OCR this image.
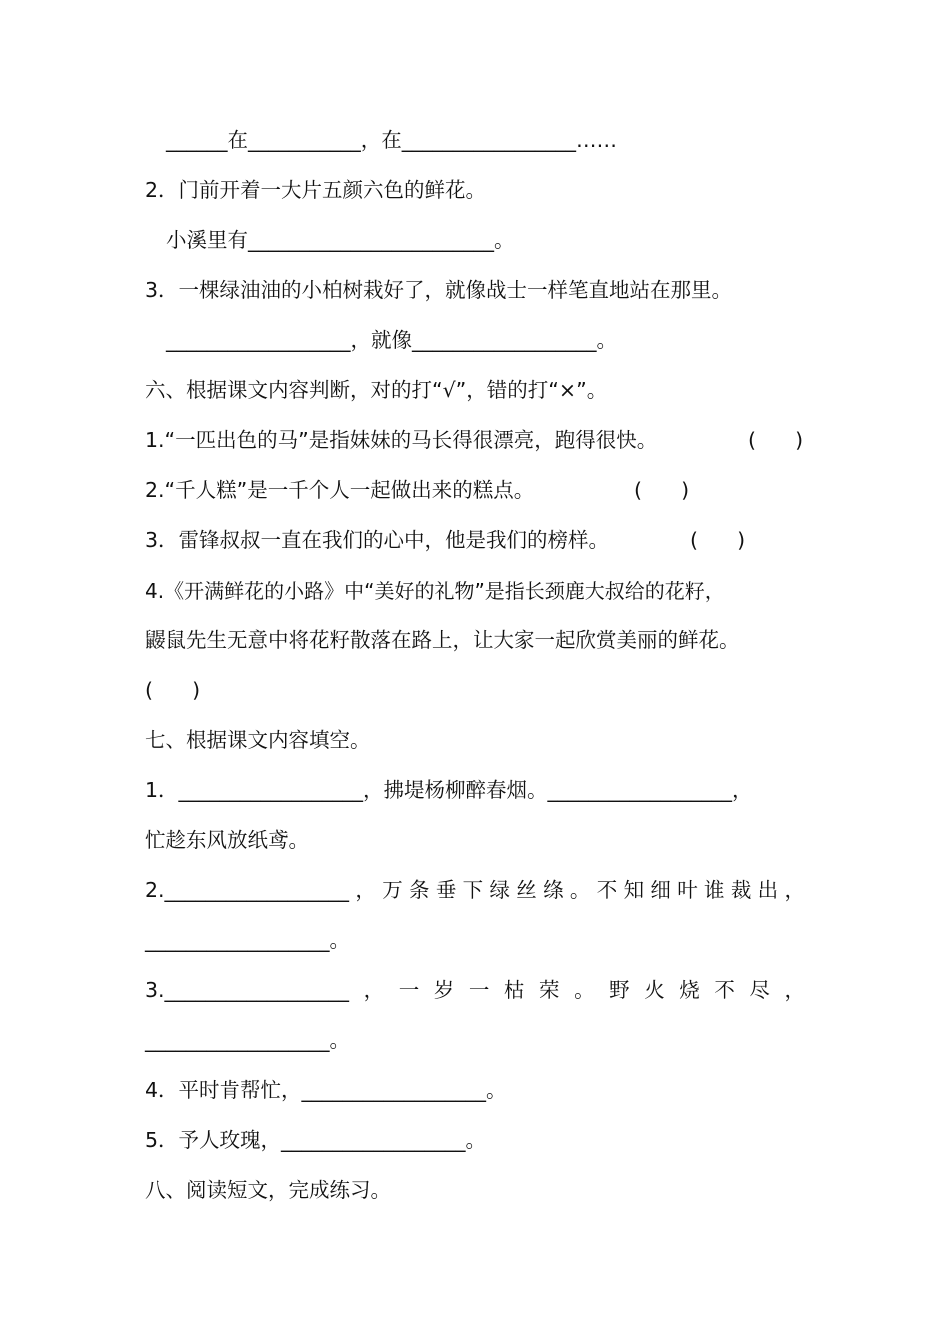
______在___________，在_________________……
2．门前开着一大片五颜六色的鲜花。
小溪里有________________________。
3．一棵绿油油的小柏树栽好了，就像战士一样笔直地站在那里。
__________________，就像__________________。
六、根据课文内容判断，对的打“√”，错的打“×”。
1.“一匹出色的马”是指妹妹的马长得很漂亮，跑得很快。	(      )
2.“千人糕”是一千个人一起做出来的糕点。	(      )
3．雷锋叔叔一直在我们的心中，他是我们的榜样。	(      )
4.《开满鲜花的小路》中“美好的礼物”是指长颈鹿大叔给的花籽，
鼹鼠先生无意中将花籽散落在路上，让大家一起欣赏美丽的鲜花。
(      )
七、根据课文内容填空。
1．__________________，拂堤杨柳醉春烟。__________________，
忙趁东风放纸鸢。
2.__________________，万条垂下绿丝绦。不知细叶谁裁出，
__________________。
3.__________________，一岁一枯荣。野火烧不尽，
__________________。
4．平时肯帮忙，__________________。
5．予人玫瑰，__________________。
八、阅读短文，完成练习。
